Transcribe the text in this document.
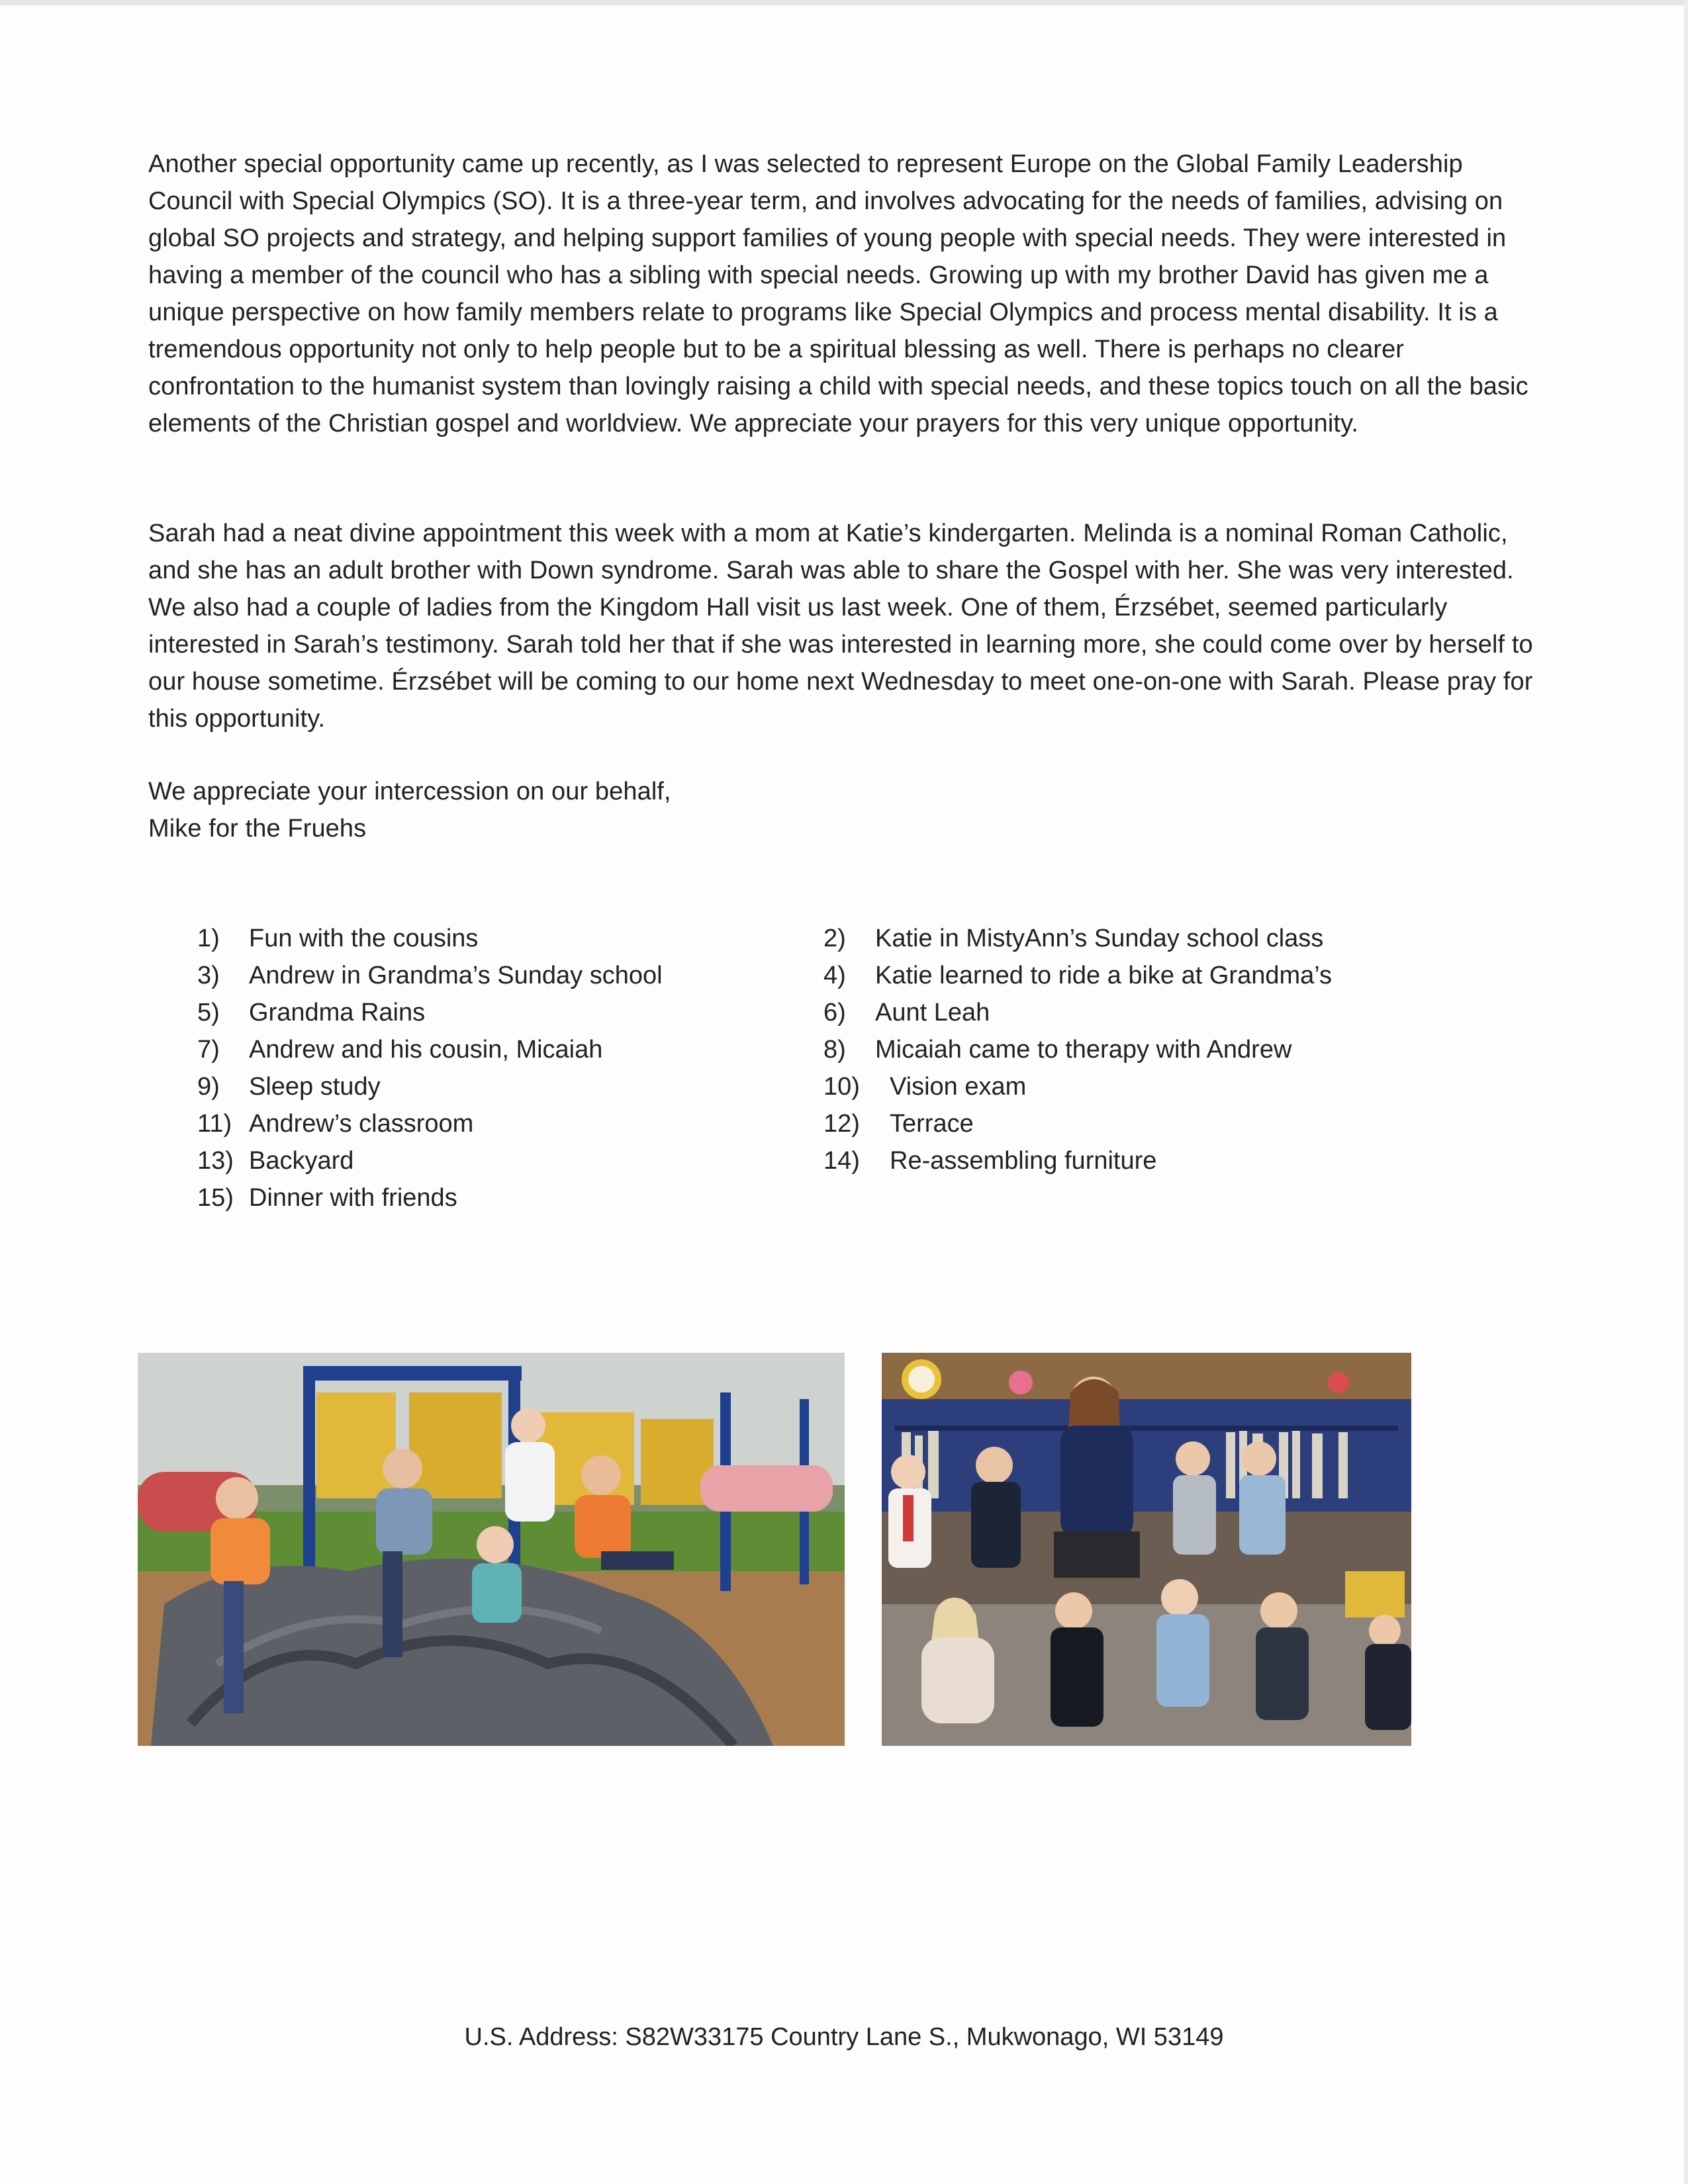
Another special opportunity came up recently, as I was selected to represent Europe on the Global Family Leadership Council with Special Olympics (SO). It is a three-year term, and involves advocating for the needs of families, advising on global SO projects and strategy, and helping support families of young people with special needs. They were interested in having a member of the council who has a sibling with special needs. Growing up with my brother David has given me a unique perspective on how family members relate to programs like Special Olympics and process mental disability. It is a tremendous opportunity not only to help people but to be a spiritual blessing as well. There is perhaps no clearer confrontation to the humanist system than lovingly raising a child with special needs, and these topics touch on all the basic elements of the Christian gospel and worldview. We appreciate your prayers for this very unique opportunity.

Sarah had a neat divine appointment this week with a mom at Katie’s kindergarten. Melinda is a nominal Roman Catholic, and she has an adult brother with Down syndrome. Sarah was able to share the Gospel with her. She was very interested. We also had a couple of ladies from the Kingdom Hall visit us last week. One of them, Érzsébet, seemed particularly interested in Sarah’s testimony. Sarah told her that if she was interested in learning more, she could come over by herself to our house sometime. Érzsébet will be coming to our home next Wednesday to meet one-on-one with Sarah. Please pray for this opportunity.

We appreciate your intercession on our behalf,
Mike for the Fruehs

1)	Fun with the cousins
3)	Andrew in Grandma’s Sunday school
5)	Grandma Rains
7)	Andrew and his cousin, Micaiah
9)	Sleep study
11) Andrew’s classroom
13) Backyard
15) Dinner with friends
2)	Katie in MistyAnn’s Sunday school class
4)	Katie learned to ride a bike at Grandma’s
6)	Aunt Leah
8)	Micaiah came to therapy with Andrew
10)	Vision exam
12)	Terrace
14)	Re-assembling furniture

U.S. Address: S82W33175 Country Lane S., Mukwonago, WI 53149
